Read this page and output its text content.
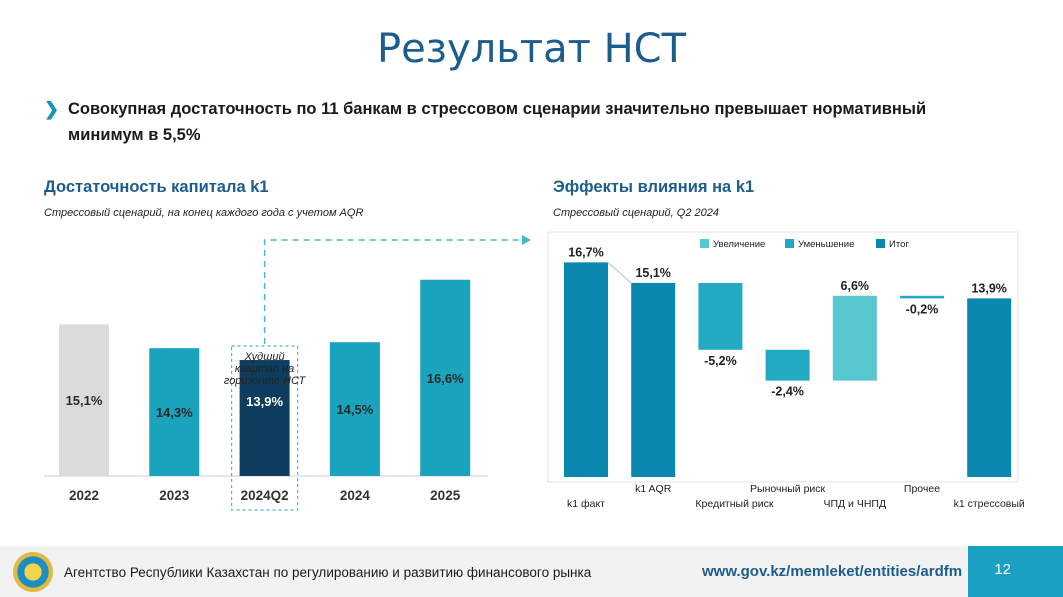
Результат НСТ
❯ Совокупная достаточность по 11 банкам в стрессовом сценарии значительно превышает нормативный минимум в 5,5%
Достаточность капитала k1
Стрессовый сценарий, на конец каждого года с учетом AQR
Эффекты влияния на k1
Стрессовый сценарий, Q2 2024
15,1%
2022
14,3%
2023
13,9%
2024Q2
14,5%
2024
16,6%
2025
Худший квартал на горизонте НСТ
16,7%
k1 факт
15,1%
k1 AQR
-5,2%
Кредитный риск
-2,4%
Рыночный риск
6,6%
ЧПД и ЧНПД
-0,2%
Прочее
13,9%
k1 стрессовый
Увеличение	Уменьшение	Итог
Агентство Республики Казахстан по регулированию и развитию финансового рынка	www.gov.kz/memleket/entities/ardfm	12
